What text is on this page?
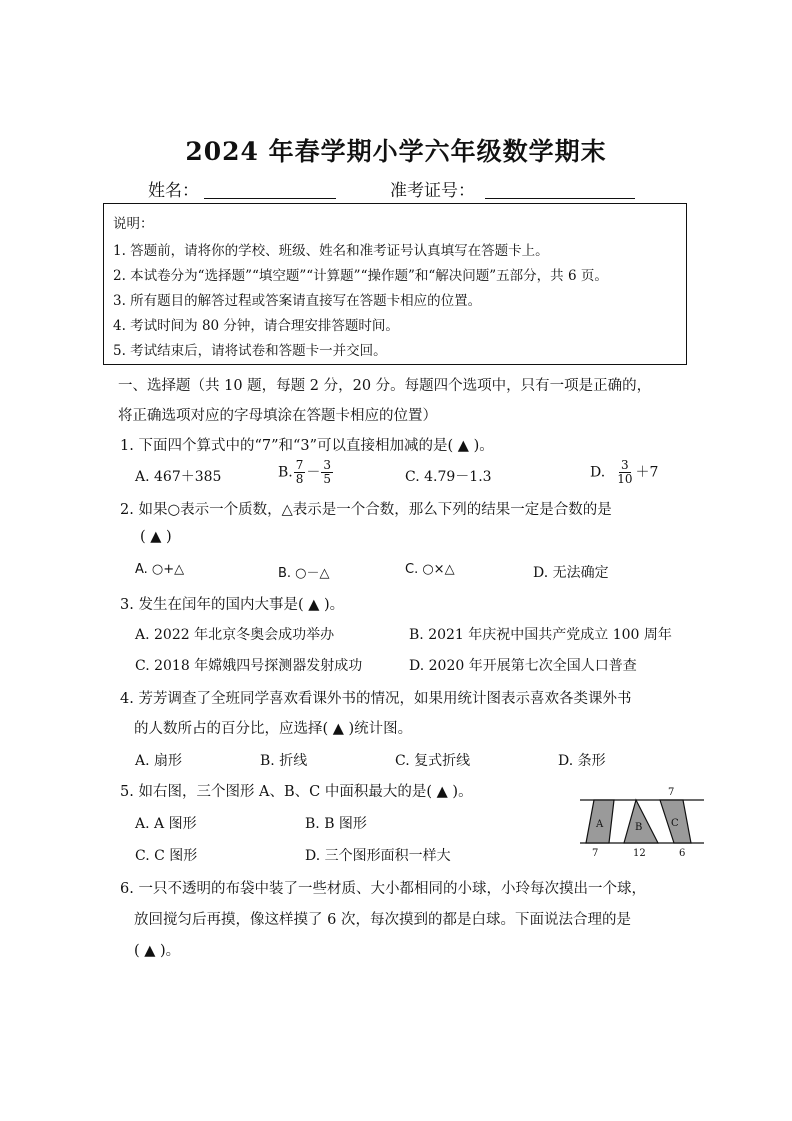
2024 年春学期小学六年级数学期末
姓名：	准考证号：
说明：
1. 答题前，请将你的学校、班级、姓名和准考证号认真填写在答题卡上。
2. 本试卷分为“选择题”“填空题”“计算题”“操作题”和“解决问题”五部分，共 6 页。
3. 所有题目的解答过程或答案请直接写在答题卡相应的位置。
4. 考试时间为 80 分钟，请合理安排答题时间。
5. 考试结束后，请将试卷和答题卡一并交回。
一、选择题（共 10 题，每题 2 分，20 分。每题四个选项中，只有一项是正确的，
将正确选项对应的字母填涂在答题卡相应的位置）
1. 下面四个算式中的“7”和“3”可以直接相加减的是( ▲ )。
A. 467＋385	B. $\frac{7}{8} - \frac{3}{5}$	C. 4.79－1.3	D. $\frac{3}{10} +7$
2. 如果○表示一个质数，△表示是一个合数，那么下列的结果一定是合数的是
( ▲ )
A. ○+△	B. ○－△	C. ○×△	D. 无法确定
3. 发生在闰年的国内大事是( ▲ )。
A. 2022 年北京冬奥会成功举办	B. 2021 年庆祝中国共产党成立 100 周年
C. 2018 年嫦娥四号探测器发射成功	D. 2020 年开展第七次全国人口普查
4. 芳芳调查了全班同学喜欢看课外书的情况，如果用统计图表示喜欢各类课外书
的人数所占的百分比，应选择( ▲ )统计图。
A. 扇形	B. 折线	C. 复式折线	D. 条形
5. 如右图，三个图形 A、B、C 中面积最大的是( ▲ )。
A. A 图形	B. B 图形
C. C 图形	D. 三个图形面积一样大
A	B	C
7
7	12	6
6. 一只不透明的布袋中装了一些材质、大小都相同的小球，小玲每次摸出一个球，
放回搅匀后再摸，像这样摸了 6 次，每次摸到的都是白球。下面说法合理的是
( ▲ )。
